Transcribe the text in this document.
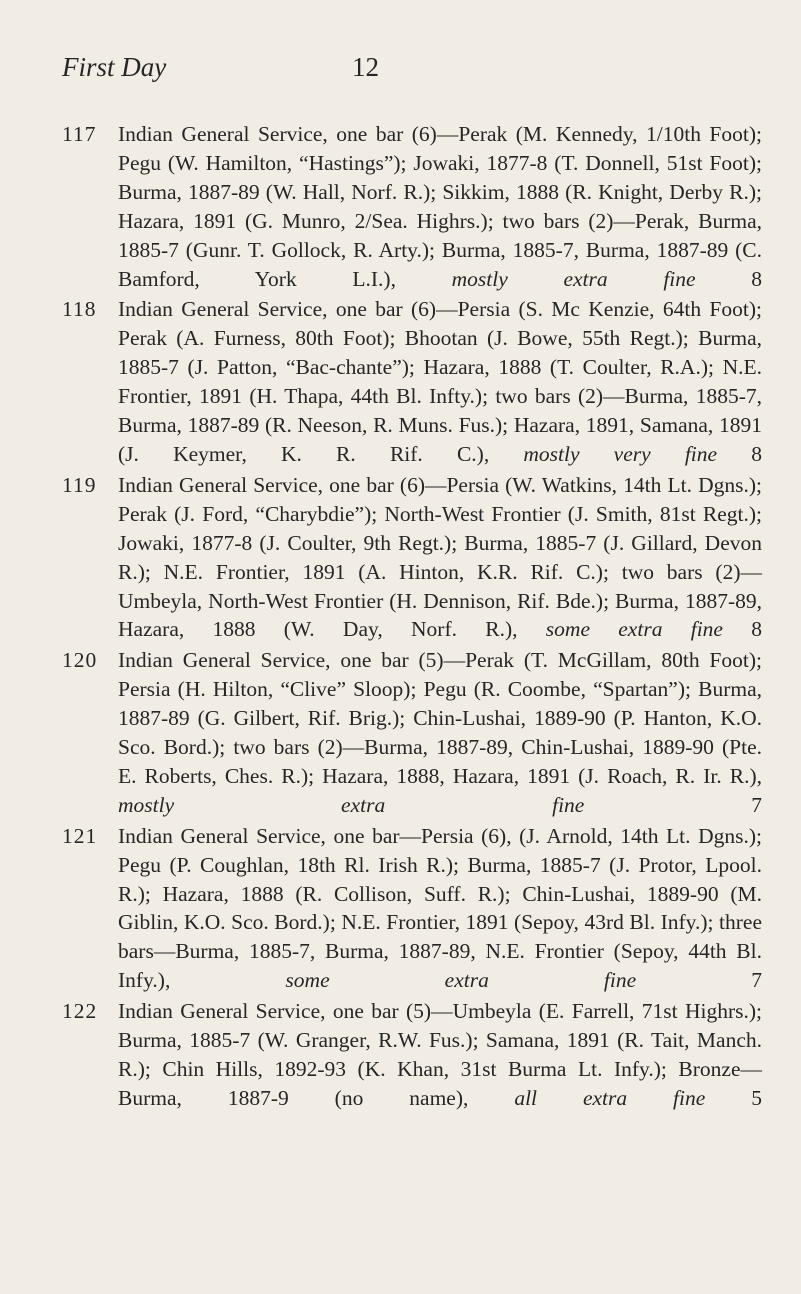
First Day	12
117 Indian General Service, one bar (6)—Perak (M. Kennedy, 1/10th Foot); Pegu (W. Hamilton, “Hastings”); Jowaki, 1877-8 (T. Donnell, 51st Foot); Burma, 1887-89 (W. Hall, Norf. R.); Sikkim, 1888 (R. Knight, Derby R.); Hazara, 1891 (G. Munro, 2/Sea. Highrs.); two bars (2)—Perak, Burma, 1885-7 (Gunr. T. Gollock, R. Arty.); Burma, 1885-7, Burma, 1887-89 (C. Bamford, York L.I.),	mostly extra fine	8
118 Indian General Service, one bar (6)—Persia (S. Mc Kenzie, 64th Foot); Perak (A. Furness, 80th Foot); Bhootan (J. Bowe, 55th Regt.); Burma, 1885-7 (J. Patton, “Bac-chante”); Hazara, 1888 (T. Coulter, R.A.); N.E. Frontier, 1891 (H. Thapa, 44th Bl. Infty.); two bars (2)—Burma, 1885-7, Burma, 1887-89 (R. Neeson, R. Muns. Fus.); Hazara, 1891, Samana, 1891 (J. Keymer, K. R. Rif. C.), mostly very fine 8
119 Indian General Service, one bar (6)—Persia (W. Watkins, 14th Lt. Dgns.); Perak (J. Ford, “Charybdie”); North-West Frontier (J. Smith, 81st Regt.); Jowaki, 1877-8 (J. Coulter, 9th Regt.); Burma, 1885-7 (J. Gillard, Devon R.); N.E. Frontier, 1891 (A. Hinton, K.R. Rif. C.); two bars (2)—Umbeyla, North-West Frontier (H. Dennison, Rif. Bde.); Burma, 1887-89, Hazara, 1888 (W. Day, Norf. R.), some extra fine 8
120 Indian General Service, one bar (5)—Perak (T. McGillam, 80th Foot); Persia (H. Hilton, “Clive” Sloop); Pegu (R. Coombe, “Spartan”); Burma, 1887-89 (G. Gilbert, Rif. Brig.); Chin-Lushai, 1889-90 (P. Hanton, K.O. Sco. Bord.); two bars (2)—Burma, 1887-89, Chin-Lushai, 1889-90 (Pte. E. Roberts, Ches. R.); Hazara, 1888, Hazara, 1891 (J. Roach, R. Ir. R.), mostly extra fine	7
121 Indian General Service, one bar—Persia (6), (J. Arnold, 14th Lt. Dgns.); Pegu (P. Coughlan, 18th Rl. Irish R.); Burma, 1885-7 (J. Protor, Lpool. R.); Hazara, 1888 (R. Collison, Suff. R.); Chin-Lushai, 1889-90 (M. Giblin, K.O. Sco. Bord.); N.E. Frontier, 1891 (Sepoy, 43rd Bl. Infy.); three bars—Burma, 1885-7, Burma, 1887-89, N.E. Frontier (Sepoy, 44th Bl. Infy.),	some extra fine	7
122 Indian General Service, one bar (5)—Umbeyla (E. Farrell, 71st Highrs.); Burma, 1885-7 (W. Granger, R.W. Fus.); Samana, 1891 (R. Tait, Manch. R.); Chin Hills, 1892-93 (K. Khan, 31st Burma Lt. Infy.); Bronze—Burma, 1887-9 (no name), all extra fine 5
